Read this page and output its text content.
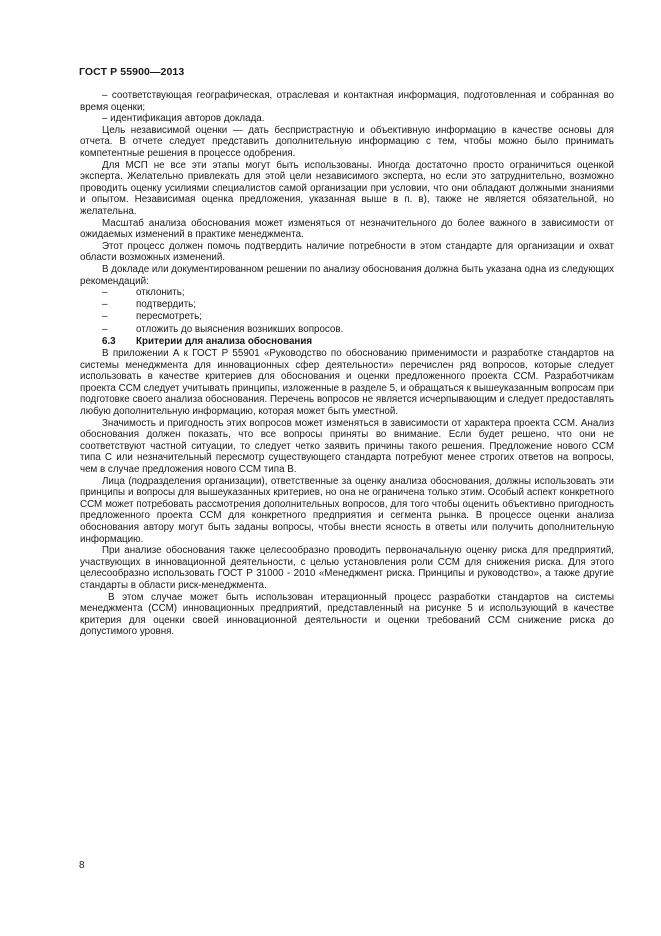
ГОСТ Р 55900—2013

– соответствующая географическая, отраслевая и контактная информация, подготовленная и собранная во время оценки;

– идентификация авторов доклада.

Цель независимой оценки — дать беспристрастную и объективную информацию в качестве основы для отчета. В отчете следует представить дополнительную информацию с тем, чтобы можно было принимать компетентные решения в процессе одобрения.

Для МСП не все эти этапы могут быть использованы. Иногда достаточно просто ограничиться оценкой эксперта. Желательно привлекать для этой цели независимого эксперта, но если это затруднительно, возможно проводить оценку усилиями специалистов самой организации при условии, что они обладают должными знаниями и опытом. Независимая оценка предложения, указанная выше в п. в), также не является обязательной, но желательна.

Масштаб анализа обоснования может изменяться от незначительного до более важного в зависимости от ожидаемых изменений в практике менеджмента.

Этот процесс должен помочь подтвердить наличие потребности в этом стандарте для организации и охват области возможных изменений.

В докладе или документированном решении по анализу обоснования должна быть указана одна из следующих рекомендаций:

–	отклонить;
–	подтвердить;
–	пересмотреть;
–	отложить до выяснения возникших вопросов.
6.3 Критерии для анализа обоснования

В приложении А к ГОСТ Р 55901 «Руководство по обоснованию применимости и разработке стандартов на системы менеджмента для инновационных сфер деятельности» перечислен ряд вопросов, которые следует использовать в качестве критериев для обоснования и оценки предложенного проекта ССМ. Разработчикам проекта ССМ следует учитывать принципы, изложенные в разделе 5, и обращаться к вышеуказанным вопросам при подготовке своего анализа обоснования. Перечень вопросов не является исчерпывающим и следует предоставлять любую дополнительную информацию, которая может быть уместной.

Значимость и пригодность этих вопросов может изменяться в зависимости от характера проекта ССМ. Анализ обоснования должен показать, что все вопросы приняты во внимание. Если будет решено, что они не соответствуют частной ситуации, то следует четко заявить причины такого решения. Предложение нового ССМ типа С или незначительный пересмотр существующего стандарта потребуют менее строгих ответов на вопросы, чем в случае предложения нового ССМ типа В.

Лица (подразделения организации), ответственные за оценку анализа обоснования, должны использовать эти принципы и вопросы для вышеуказанных критериев, но она не ограничена только этим. Особый аспект конкретного ССМ может потребовать рассмотрения дополнительных вопросов, для того чтобы оценить объективно пригодность предложенного проекта ССМ для конкретного предприятия и сегмента рынка. В процессе оценки анализа обоснования автору могут быть заданы вопросы, чтобы внести ясность в ответы или получить дополнительную информацию.

При анализе обоснования также целесообразно проводить первоначальную оценку риска для предприятий, участвующих в инновационной деятельности, с целью установления роли ССМ для снижения риска. Для этого целесообразно использовать ГОСТ Р 31000 - 2010 «Менеджмент риска. Принципы и руководство», а также другие стандарты в области риск-менеджмента.

В этом случае может быть использован итерационный процесс разработки стандартов на системы менеджмента (ССМ) инновационных предприятий, представленный на рисунке 5 и использующий в качестве критерия для оценки своей инновационной деятельности и оценки требований ССМ снижение риска до допустимого уровня.

8
